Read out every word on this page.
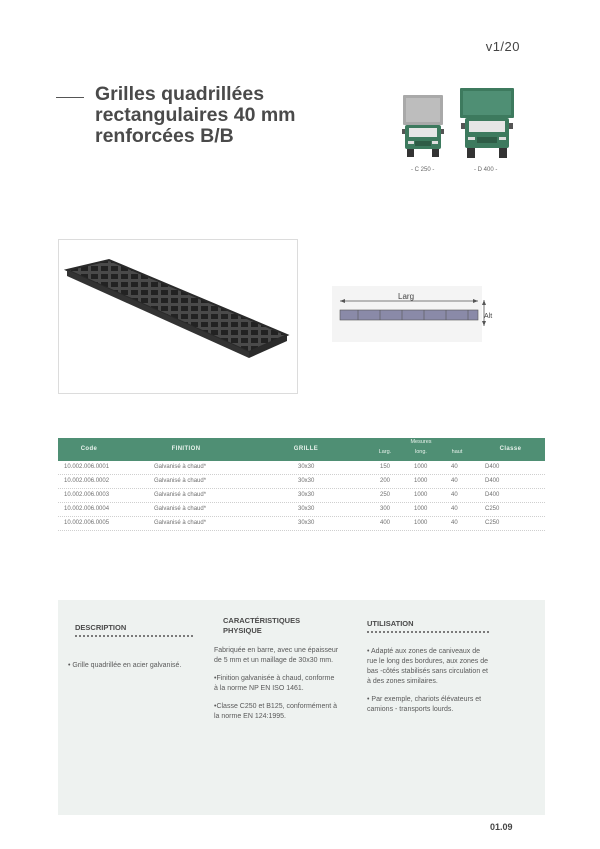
v1/20
Grilles quadrillées
rectangulaires 40 mm
renforcées B/B
- C 250 -	- D 400 -
Larg
Alt
Code	FINITION	GRILLE
Mesures
Larg.	long.	haut	Classe
10.002.006.0001	Galvanisé à chaud*	30x30	150	1000	40	D400
10.002.006.0002	Galvanisé à chaud*	30x30	200	1000	40	D400
10.002.006.0003	Galvanisé à chaud*	30x30	250	1000	40	D400
10.002.006.0004	Galvanisé à chaud*	30x30	300	1000	40	C250
10.002.006.0005	Galvanisé à chaud*	30x30	400	1000	40	C250
DESCRIPTION

• Grille quadrillée en acier galvanisé.

CARACTÉRISTIQUES
PHYSIQUE

Fabriquée en barre, avec une épaisseur de 5 mm et un maillage de 30x30 mm.

•Finition galvanisée à chaud, conforme à la norme NP EN ISO 1461.

•Classe C250 et B125, conformément à la norme EN 124:1995.

UTILISATION

• Adapté aux zones de caniveaux de rue le long des bordures, aux zones de bas -côtés stabilisés sans circulation et à des zones similaires.

• Par exemple, chariots élévateurs et camions - transports lourds.

01.09
